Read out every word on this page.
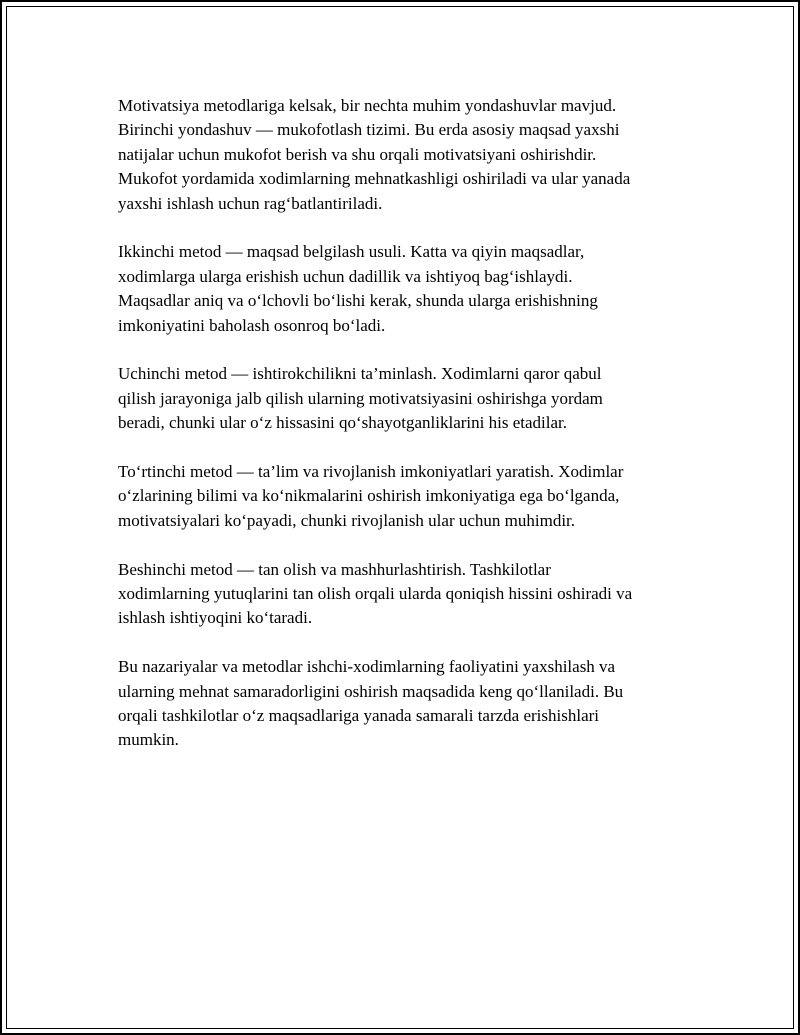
Motivatsiya metodlariga kelsak, bir nechta muhim yondashuvlar mavjud.
Birinchi yondashuv — mukofotlash tizimi. Bu erda asosiy maqsad yaxshi
natijalar uchun mukofot berish va shu orqali motivatsiyani oshirishdir.
Mukofot yordamida xodimlarning mehnatkashligi oshiriladi va ular yanada
yaxshi ishlash uchun rag‘batlantiriladi.

Ikkinchi metod — maqsad belgilash usuli. Katta va qiyin maqsadlar,
xodimlarga ularga erishish uchun dadillik va ishtiyoq bag‘ishlaydi.
Maqsadlar aniq va o‘lchovli bo‘lishi kerak, shunda ularga erishishning
imkoniyatini baholash osonroq bo‘ladi.

Uchinchi metod — ishtirokchilikni ta’minlash. Xodimlarni qaror qabul
qilish jarayoniga jalb qilish ularning motivatsiyasini oshirishga yordam
beradi, chunki ular o‘z hissasini qo‘shayotganliklarini his etadilar.

To‘rtinchi metod — ta’lim va rivojlanish imkoniyatlari yaratish. Xodimlar
o‘zlarining bilimi va ko‘nikmalarini oshirish imkoniyatiga ega bo‘lganda,
motivatsiyalari ko‘payadi, chunki rivojlanish ular uchun muhimdir.

Beshinchi metod — tan olish va mashhurlashtirish. Tashkilotlar
xodimlarning yutuqlarini tan olish orqali ularda qoniqish hissini oshiradi va
ishlash ishtiyoqini ko‘taradi.

Bu nazariyalar va metodlar ishchi-xodimlarning faoliyatini yaxshilash va
ularning mehnat samaradorligini oshirish maqsadida keng qo‘llaniladi. Bu
orqali tashkilotlar o‘z maqsadlariga yanada samarali tarzda erishishlari
mumkin.
